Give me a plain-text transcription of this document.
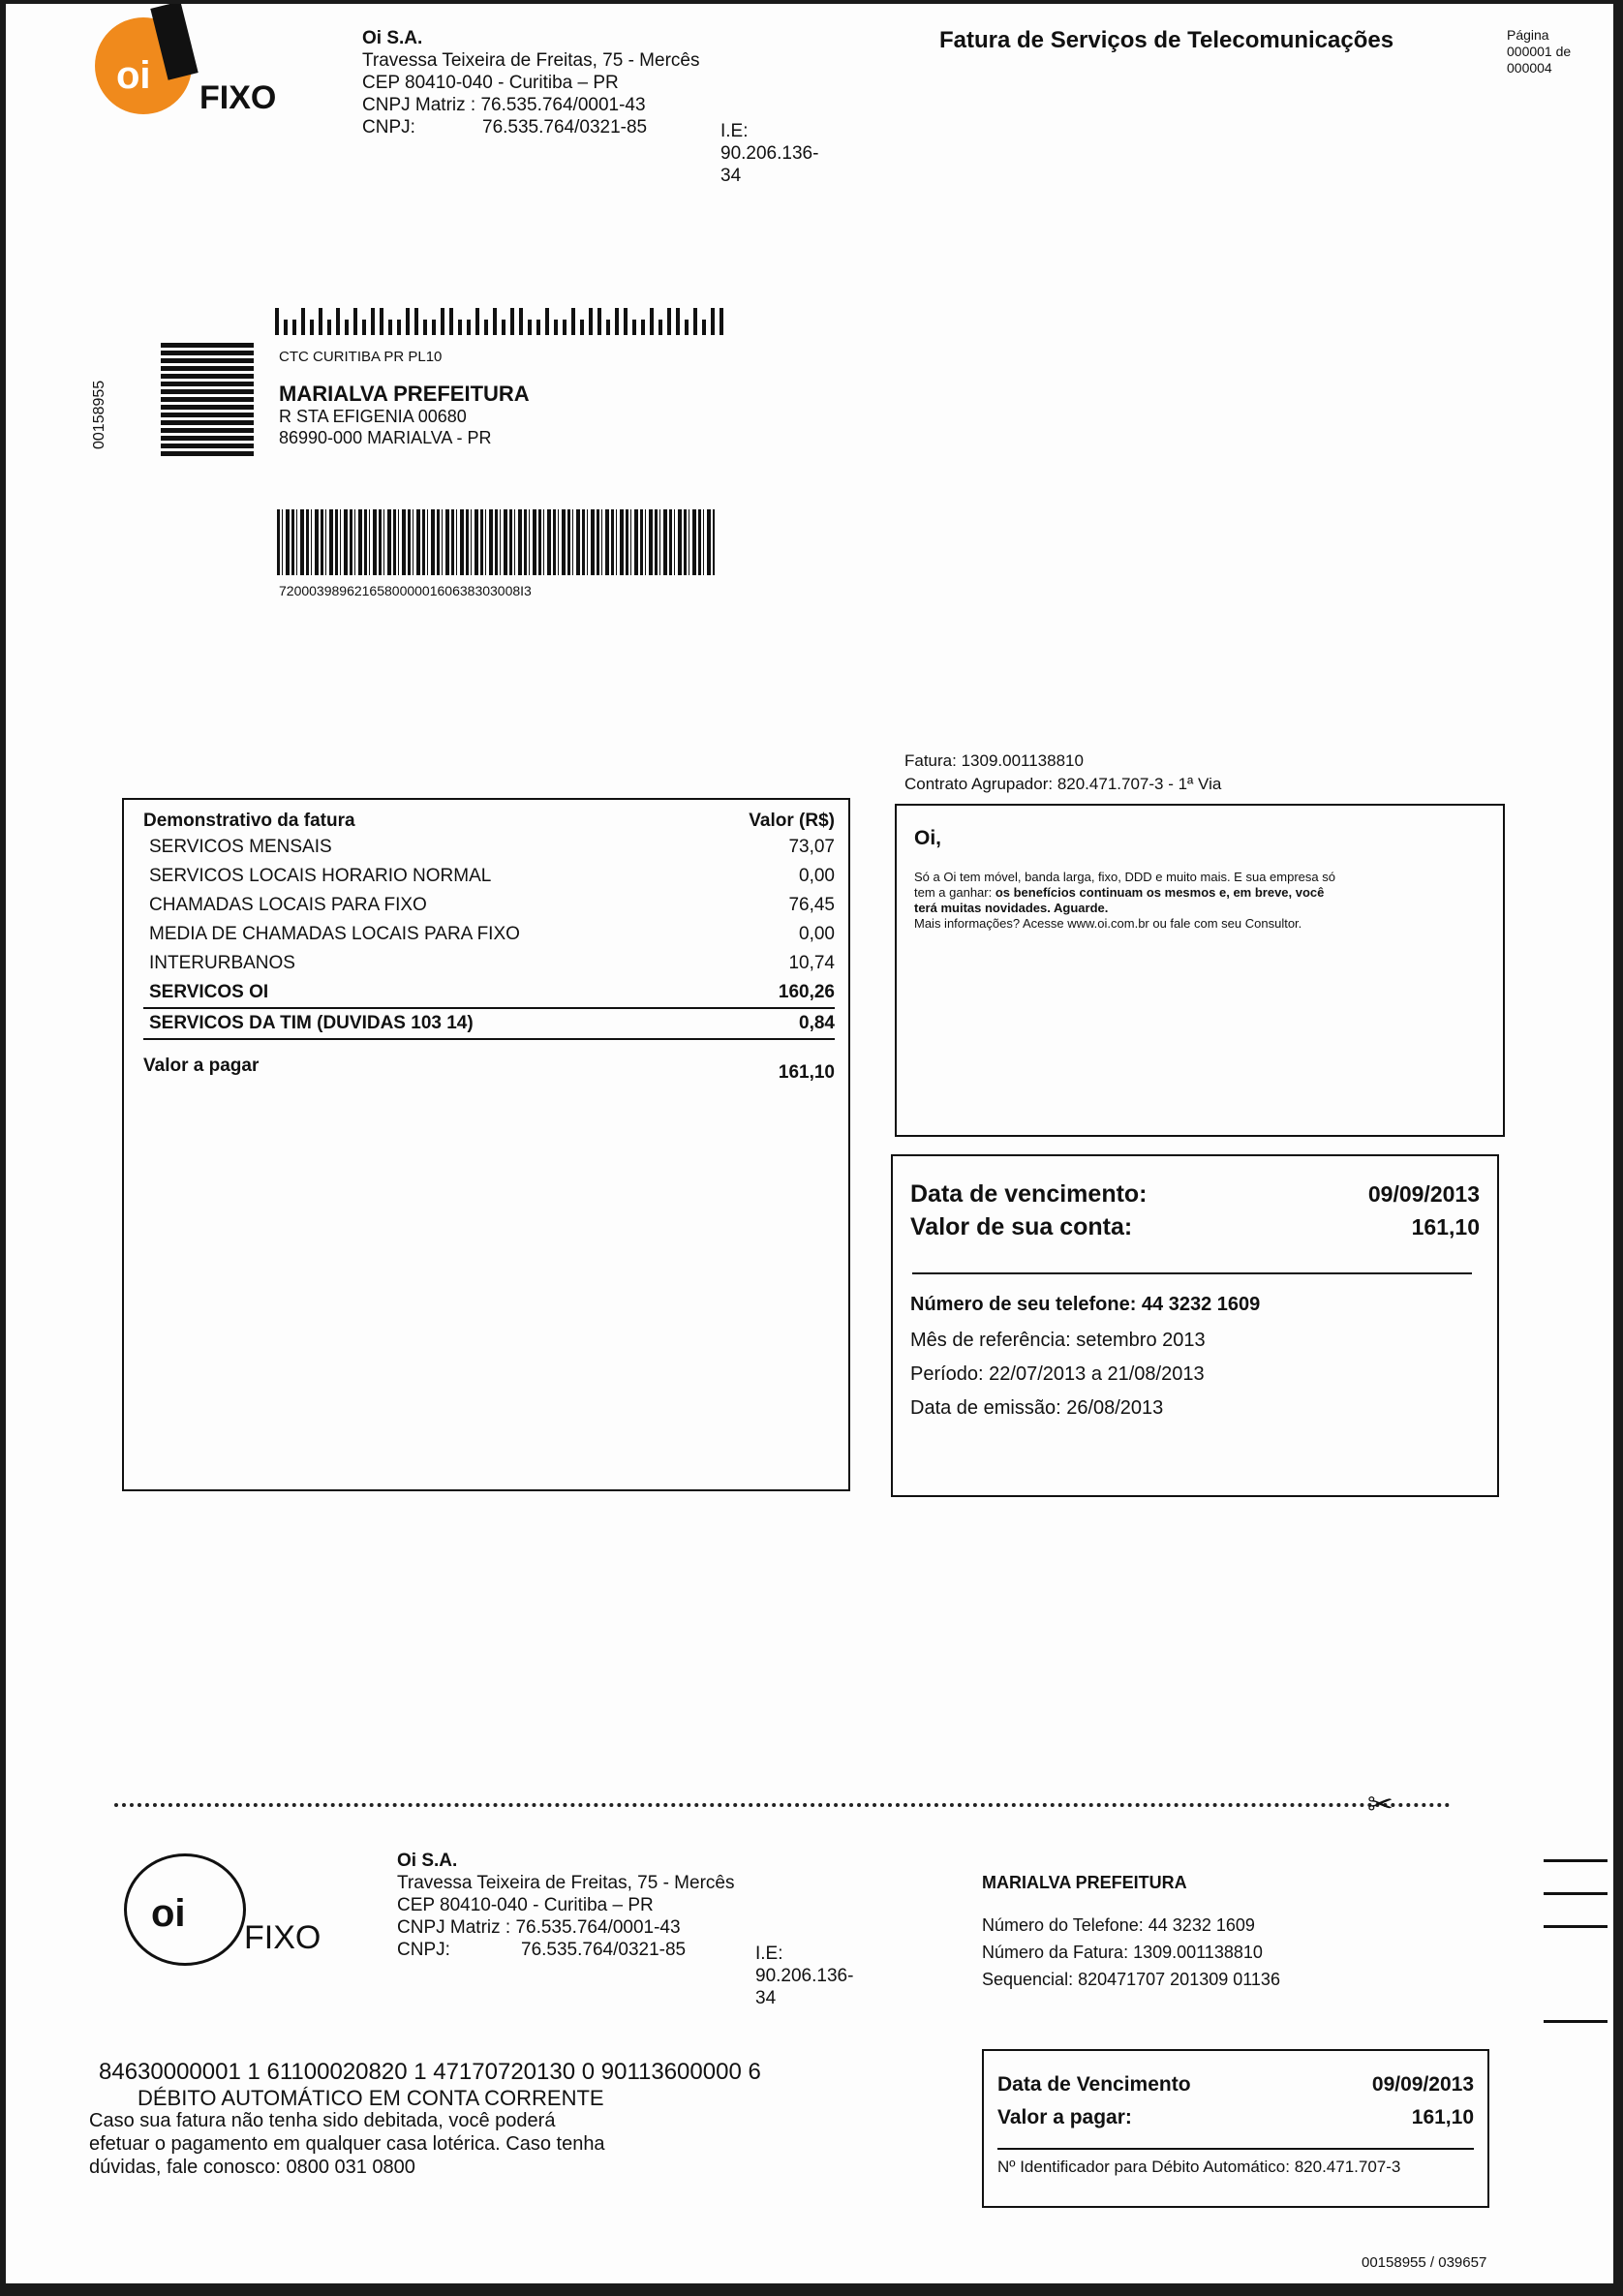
oi
FIXO
Oi S.A.
Travessa Teixeira de Freitas, 75 - Mercês
CEP 80410-040 - Curitiba – PR
CNPJ Matriz : 76.535.764/0001-43
CNPJ:	76.535.764/0321-85	I.E: 90.206.136-34
Fatura de Serviços de Telecomunicações	Página
000001 de
000004
00158955
CTC CURITIBA PR PL10
MARIALVA PREFEITURA
R STA EFIGENIA 00680
86990-000 MARIALVA - PR
72000398962165800000160638303008I3
Fatura: 1309.001138810
Contrato Agrupador: 820.471.707-3 - 1ª Via
Demonstrativo da fatura	Valor (R$)
SERVICOS MENSAIS	73,07
SERVICOS LOCAIS HORARIO NORMAL	0,00
CHAMADAS LOCAIS PARA FIXO	76,45
MEDIA DE CHAMADAS LOCAIS PARA FIXO	0,00
INTERURBANOS	10,74
SERVICOS OI	160,26
SERVICOS DA TIM (DUVIDAS 103 14)	0,84
Valor a pagar	161,10
Oi,
Só a Oi tem móvel, banda larga, fixo, DDD e muito mais. E sua empresa só
tem a ganhar: os benefícios continuam os mesmos e, em breve, você
terá muitas novidades. Aguarde.
Mais informações? Acesse www.oi.com.br ou fale com seu Consultor.
Data de vencimento:	09/09/2013
Valor de sua conta:	161,10
Número de seu telefone: 44 3232 1609
Mês de referência: setembro 2013
Período: 22/07/2013 a 21/08/2013
Data de emissão: 26/08/2013
✂
oi
FIXO
Oi S.A.
Travessa Teixeira de Freitas, 75 - Mercês
CEP 80410-040 - Curitiba – PR
CNPJ Matriz : 76.535.764/0001-43
CNPJ:	76.535.764/0321-85	I.E: 90.206.136-34
MARIALVA PREFEITURA
Número do Telefone: 44 3232 1609
Número da Fatura: 1309.001138810
Sequencial: 820471707 201309 01136
84630000001 1 61100020820 1 47170720130 0 90113600000 6
DÉBITO AUTOMÁTICO EM CONTA CORRENTE
Caso sua fatura não tenha sido debitada, você poderá
efetuar o pagamento em qualquer casa lotérica. Caso tenha
dúvidas, fale conosco: 0800 031 0800
Data de Vencimento	09/09/2013
Valor a pagar:	161,10
Nº Identificador para Débito Automático: 820.471.707-3
00158955 / 039657
